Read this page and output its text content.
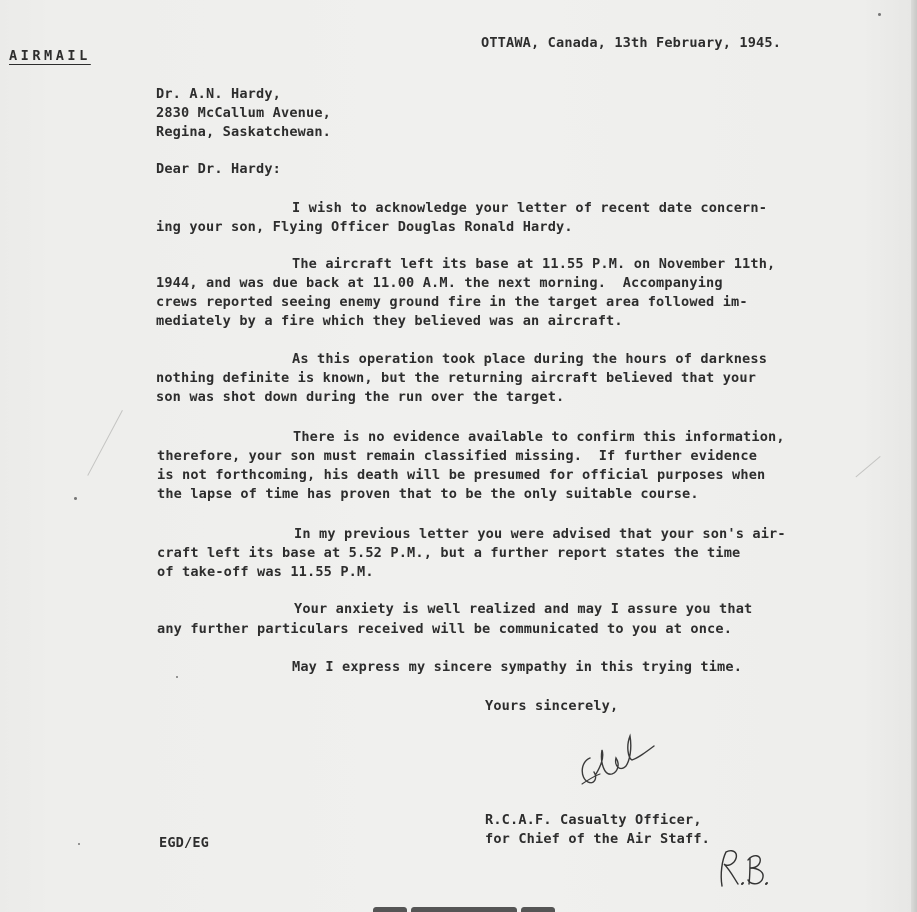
AIRMAIL

OTTAWA, Canada, 13th February, 1945.

Dr. A.N. Hardy,

2830 McCallum Avenue,

Regina, Saskatchewan.

Dear Dr. Hardy:

I wish to acknowledge your letter of recent date concern-

ing your son, Flying Officer Douglas Ronald Hardy.

The aircraft left its base at 11.55 P.M. on November 11th,

1944, and was due back at 11.00 A.M. the next morning.  Accompanying

crews reported seeing enemy ground fire in the target area followed im-

mediately by a fire which they believed was an aircraft.

As this operation took place during the hours of darkness

nothing definite is known, but the returning aircraft believed that your

son was shot down during the run over the target.

There is no evidence available to confirm this information,

therefore, your son must remain classified missing.  If further evidence

is not forthcoming, his death will be presumed for official purposes when

the lapse of time has proven that to be the only suitable course.

In my previous letter you were advised that your son's air-

craft left its base at 5.52 P.M., but a further report states the time

of take-off was 11.55 P.M.

Your anxiety is well realized and may I assure you that

any further particulars received will be communicated to you at once.

May I express my sincere sympathy in this trying time.

Yours sincerely,

R.C.A.F. Casualty Officer,

for Chief of the Air Staff.

EGD/EG
